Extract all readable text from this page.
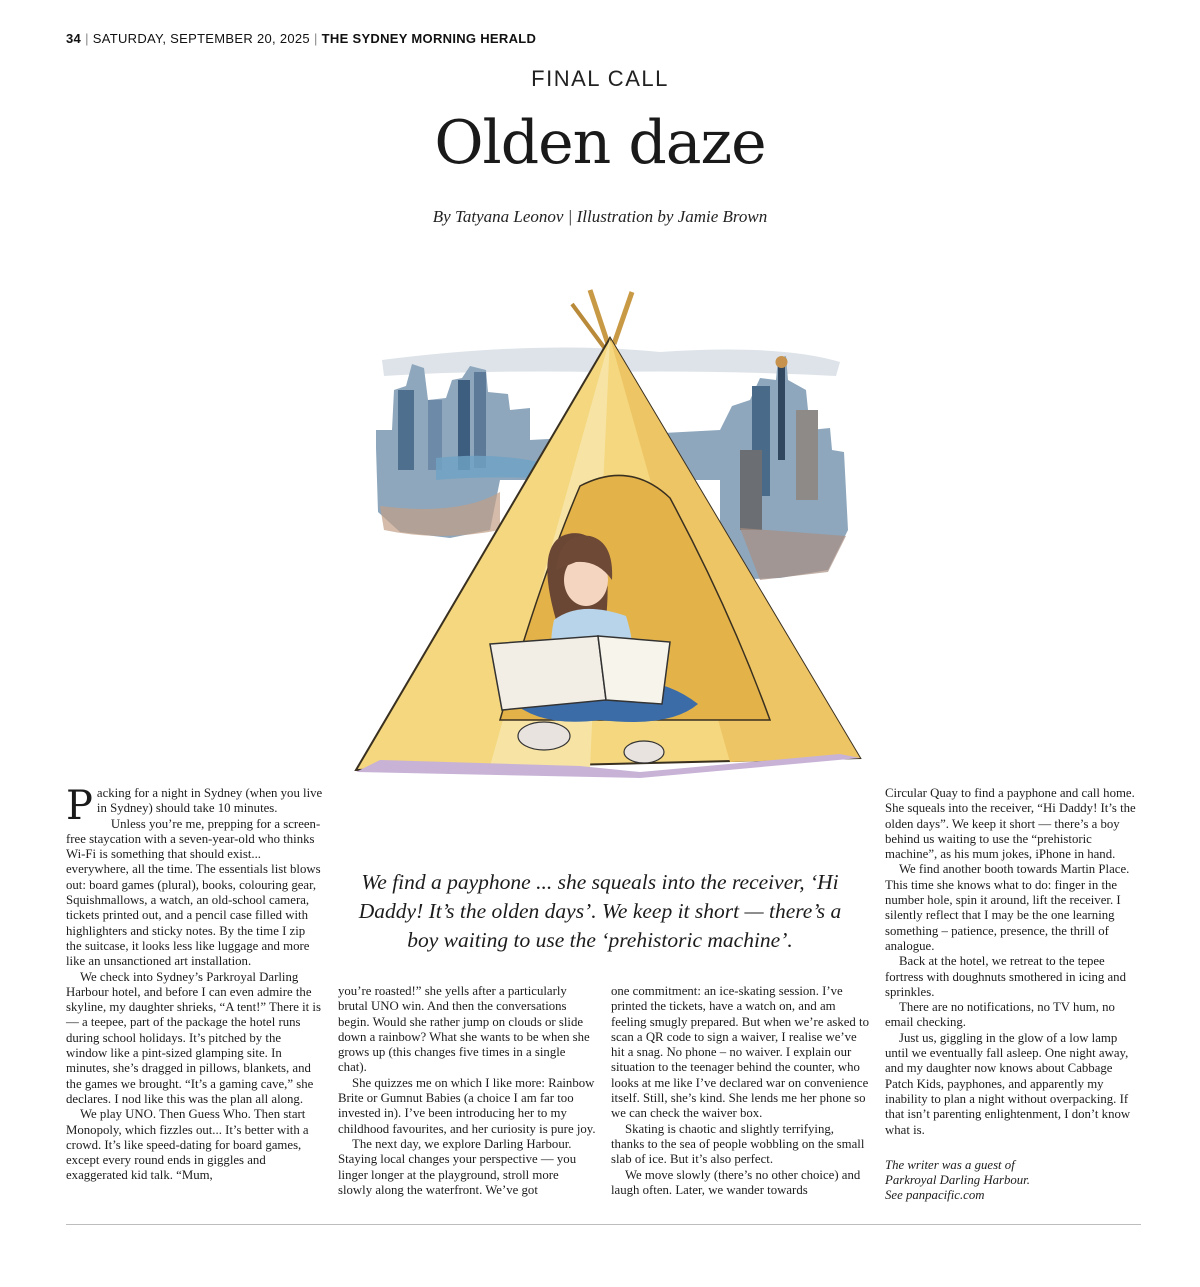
34 | SATURDAY, SEPTEMBER 20, 2025 | THE SYDNEY MORNING HERALD
FINAL CALL
Olden daze
By Tatyana Leonov | Illustration by Jamie Brown
P acking for a night in Sydney (when you live in Sydney) should take 10 minutes.

Unless you’re me, prepping for a screen-free staycation with a seven-year-old who thinks Wi-Fi is something that should exist... everywhere, all the time. The essentials list blows out: board games (plural), books, colouring gear, Squishmallows, a watch, an old-school camera, tickets printed out, and a pencil case filled with highlighters and sticky notes. By the time I zip the suitcase, it looks less like luggage and more like an unsanctioned art installation.

We check into Sydney’s Parkroyal Darling Harbour hotel, and before I can even admire the skyline, my daughter shrieks, “A tent!” There it is — a teepee, part of the package the hotel runs during school holidays. It’s pitched by the window like a pint-sized glamping site. In minutes, she’s dragged in pillows, blankets, and the games we brought. “It’s a gaming cave,” she declares. I nod like this was the plan all along.

We play UNO. Then Guess Who. Then start Monopoly, which fizzles out... It’s better with a crowd. It’s like speed-dating for board games, except every round ends in giggles and exaggerated kid talk. “Mum,

We find a payphone ... she squeals into the receiver, ‘Hi Daddy! It’s the olden days’. We keep it short — there’s a boy waiting to use the ‘prehistoric machine’.

you’re roasted!” she yells after a particularly brutal UNO win. And then the conversations begin. Would she rather jump on clouds or slide down a rainbow? What she wants to be when she grows up (this changes five times in a single chat).

She quizzes me on which I like more: Rainbow Brite or Gumnut Babies (a choice I am far too invested in). I’ve been introducing her to my childhood favourites, and her curiosity is pure joy.

The next day, we explore Darling Harbour. Staying local changes your perspective — you linger longer at the playground, stroll more slowly along the waterfront. We’ve got

one commitment: an ice-skating session. I’ve printed the tickets, have a watch on, and am feeling smugly prepared. But when we’re asked to scan a QR code to sign a waiver, I realise we’ve hit a snag. No phone – no waiver. I explain our situation to the teenager behind the counter, who looks at me like I’ve declared war on convenience itself. Still, she’s kind. She lends me her phone so we can check the waiver box.

Skating is chaotic and slightly terrifying, thanks to the sea of people wobbling on the small slab of ice. But it’s also perfect.

We move slowly (there’s no other choice) and laugh often. Later, we wander towards

Circular Quay to find a payphone and call home. She squeals into the receiver, “Hi Daddy! It’s the olden days”. We keep it short — there’s a boy behind us waiting to use the “prehistoric machine”, as his mum jokes, iPhone in hand.

We find another booth towards Martin Place. This time she knows what to do: finger in the number hole, spin it around, lift the receiver. I silently reflect that I may be the one learning something – patience, presence, the thrill of analogue.

Back at the hotel, we retreat to the tepee fortress with doughnuts smothered in icing and sprinkles.

There are no notifications, no TV hum, no email checking.

Just us, giggling in the glow of a low lamp until we eventually fall asleep. One night away, and my daughter now knows about Cabbage Patch Kids, payphones, and apparently my inability to plan a night without overpacking. If that isn’t parenting enlightenment, I don’t know what is.

The writer was a guest of

Parkroyal Darling Harbour.

See panpacific.com
